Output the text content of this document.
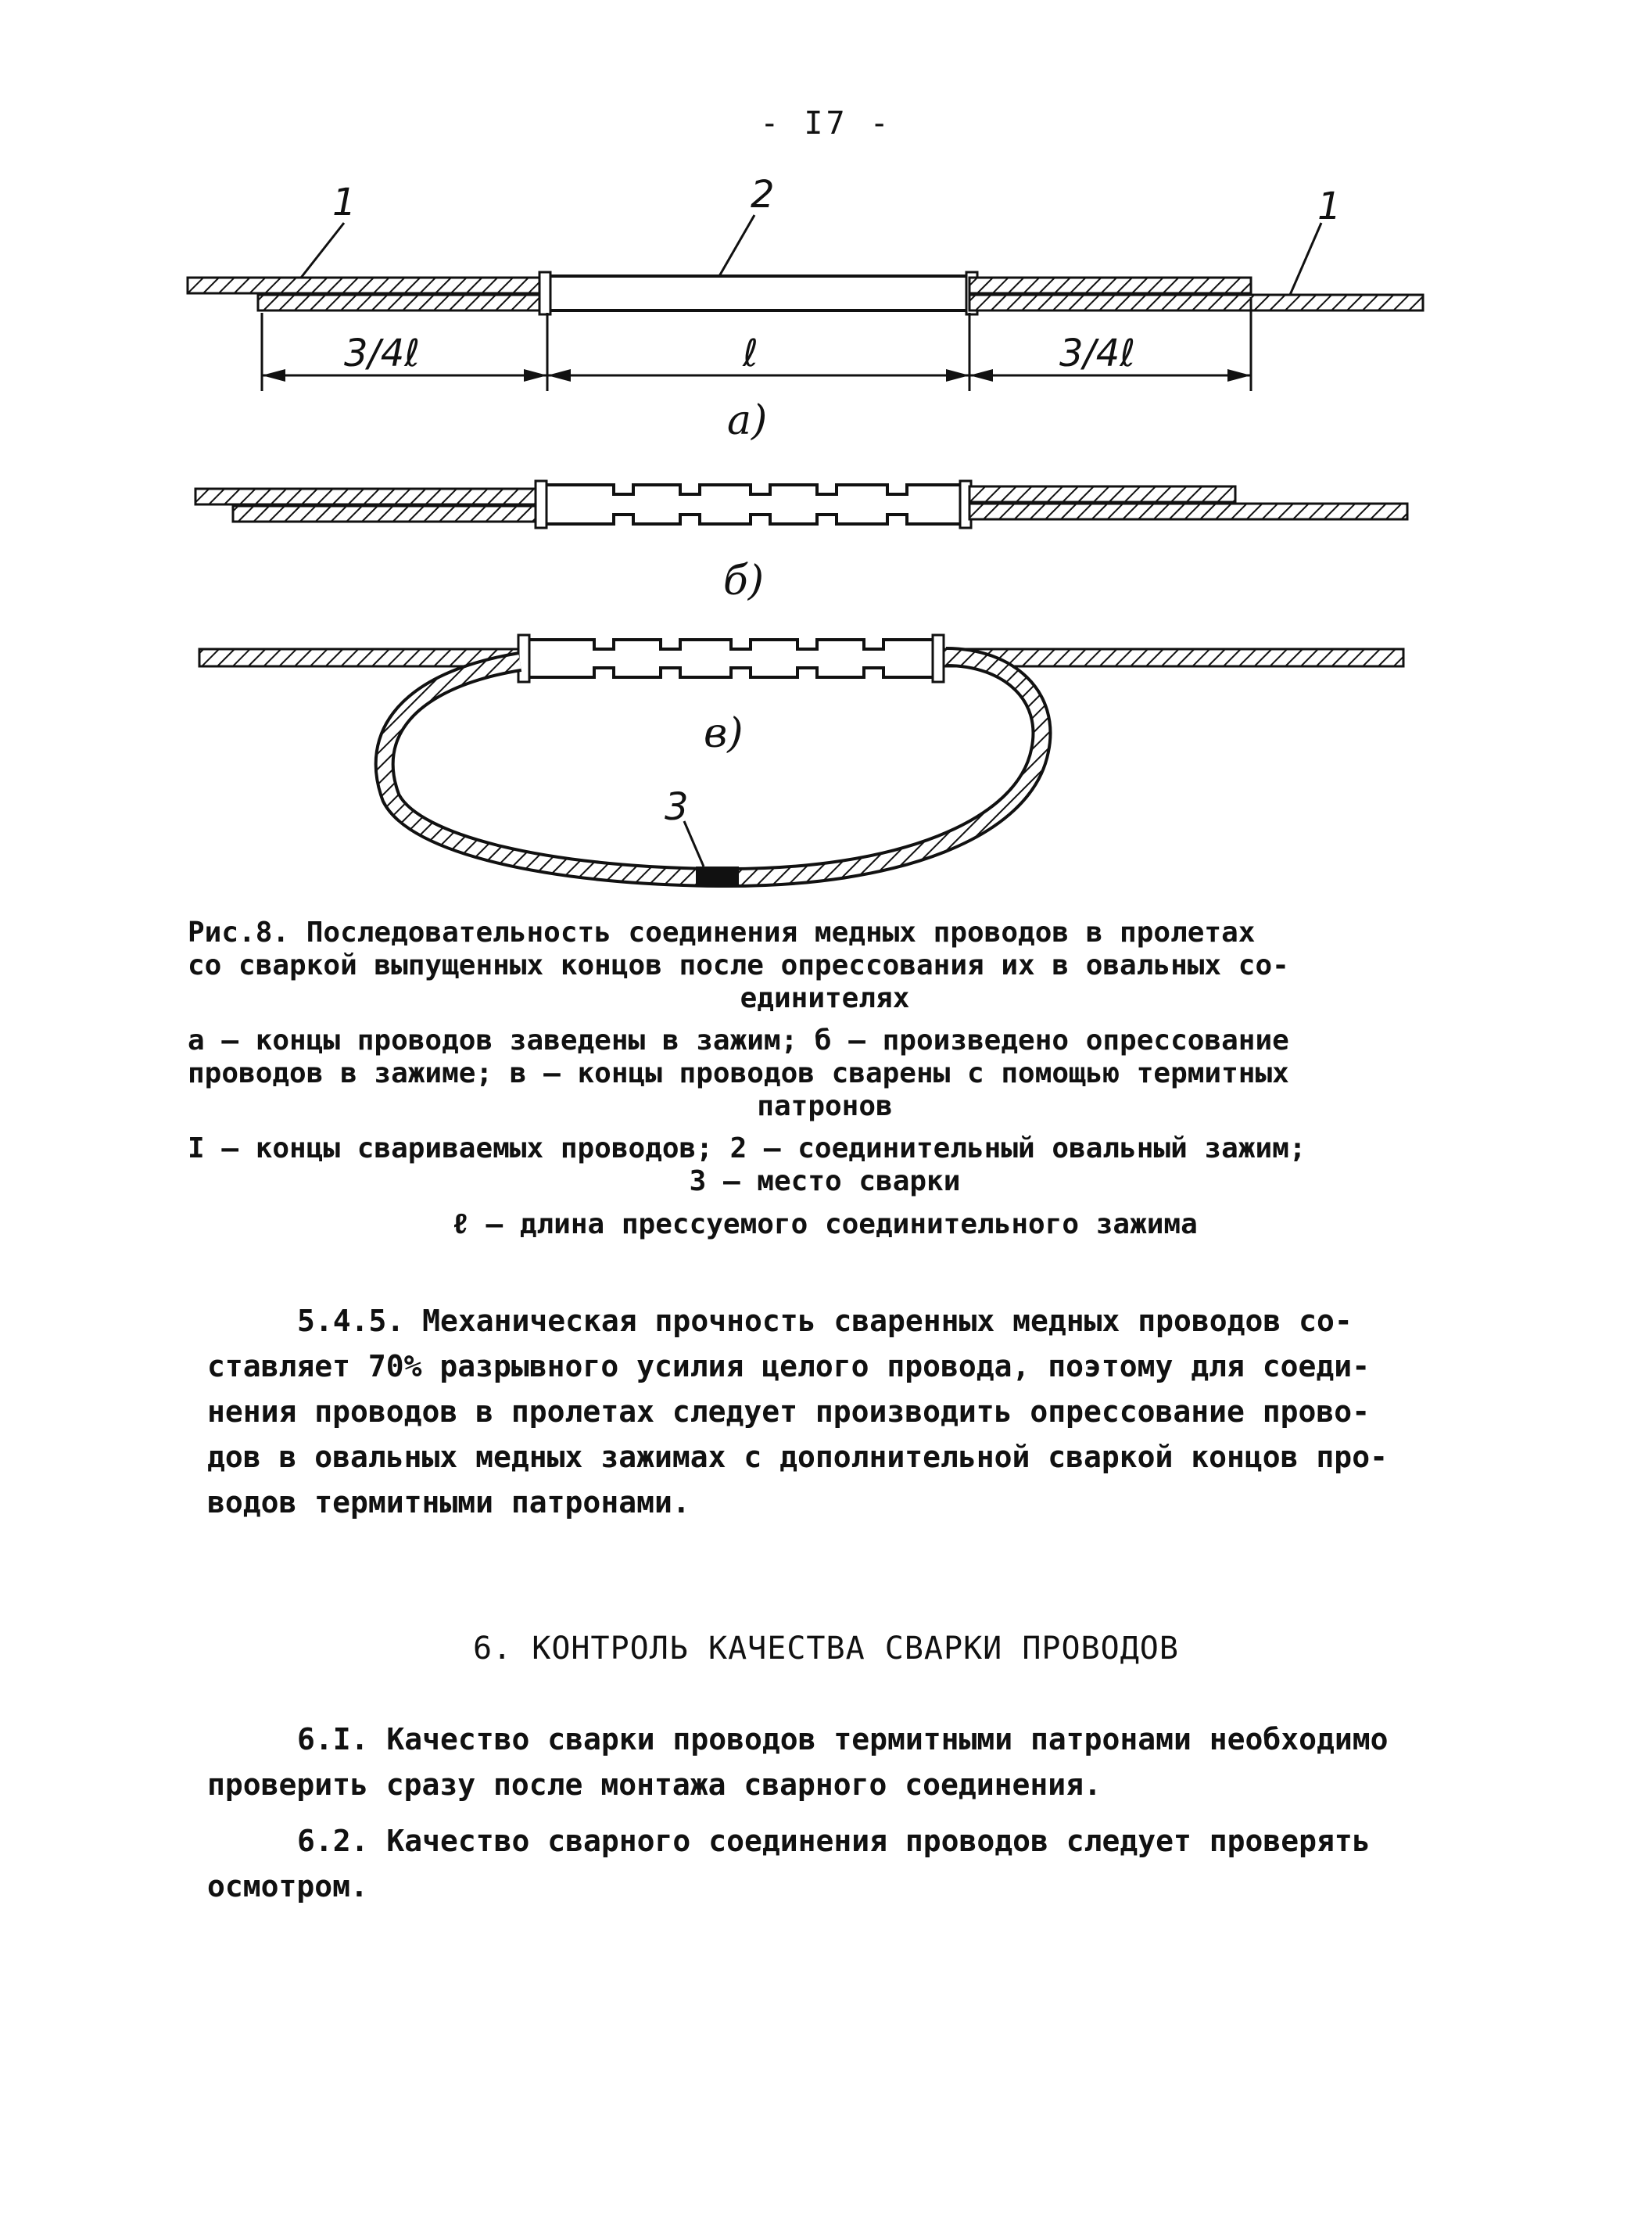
- I7 -
1	2	1
3/4ℓ	ℓ	3/4ℓ
а)
б)
3
в)
Рис.8. Последовательность соединения медных проводов в пролетах
со сваркой выпущенных концов после опрессования их в овальных со-
единителях
а – концы проводов заведены в зажим; б – произведено опрессование
проводов в зажиме; в – концы проводов сварены с помощью термитных
патронов
I – концы свариваемых проводов; 2 – соединительный овальный зажим;
3 – место сварки
ℓ – длина прессуемого соединительного зажима
5.4.5. Механическая прочность сваренных медных проводов со-
ставляет 70% разрывного усилия целого провода, поэтому для соеди-
нения проводов в пролетах следует производить опрессование прово-
дов в овальных медных зажимах с дополнительной сваркой концов про-
водов термитными патронами.
6. КОНТРОЛЬ КАЧЕСТВА СВАРКИ ПРОВОДОВ
6.I. Качество сварки проводов термитными патронами необходимо
проверить сразу после монтажа сварного соединения.
6.2. Качество сварного соединения проводов следует проверять
осмотром.
